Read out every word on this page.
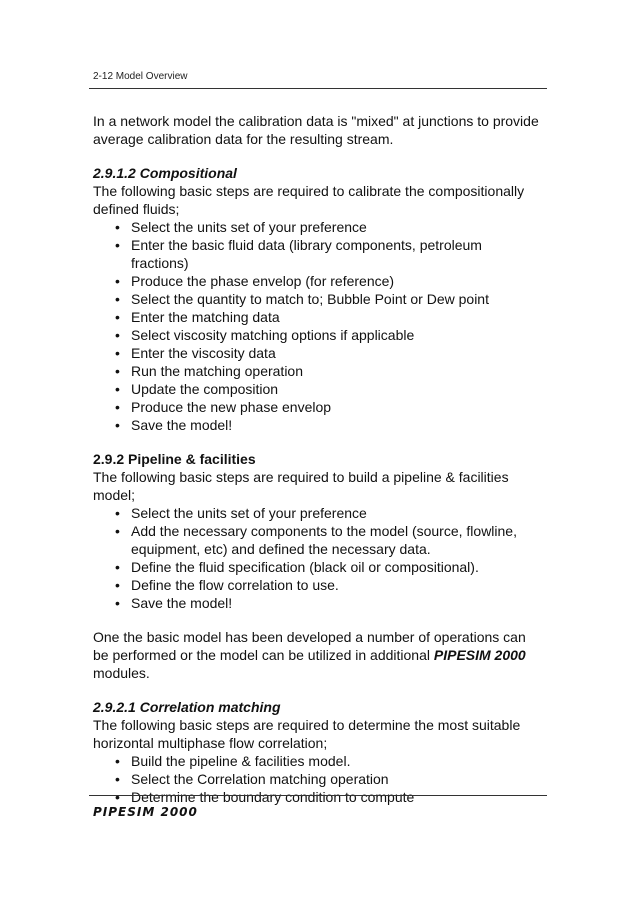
2-12 Model Overview

In a network model the calibration data is "mixed" at junctions to provide average calibration data for the resulting stream.

2.9.1.2 Compositional

The following basic steps are required to calibrate the compositionally defined fluids;

• Select the units set of your preference
• Enter the basic fluid data (library components, petroleum fractions)
• Produce the phase envelop (for reference)
• Select the quantity to match to; Bubble Point or Dew point
• Enter the matching data
• Select viscosity matching options if applicable
• Enter the viscosity data
• Run the matching operation
• Update the composition
• Produce the new phase envelop
• Save the model!

2.9.2 Pipeline & facilities

The following basic steps are required to build a pipeline & facilities model;

• Select the units set of your preference
• Add the necessary components to the model (source, flowline, equipment, etc) and defined the necessary data.
• Define the fluid specification (black oil or compositional).
• Define the flow correlation to use.
• Save the model!

One the basic model has been developed a number of operations can be performed or the model can be utilized in additional PIPESIM 2000 modules.

2.9.2.1 Correlation matching

The following basic steps are required to determine the most suitable horizontal multiphase flow correlation;

• Build the pipeline & facilities model.
• Select the Correlation matching operation
• Determine the boundary condition to compute
PIPESIM 2000
